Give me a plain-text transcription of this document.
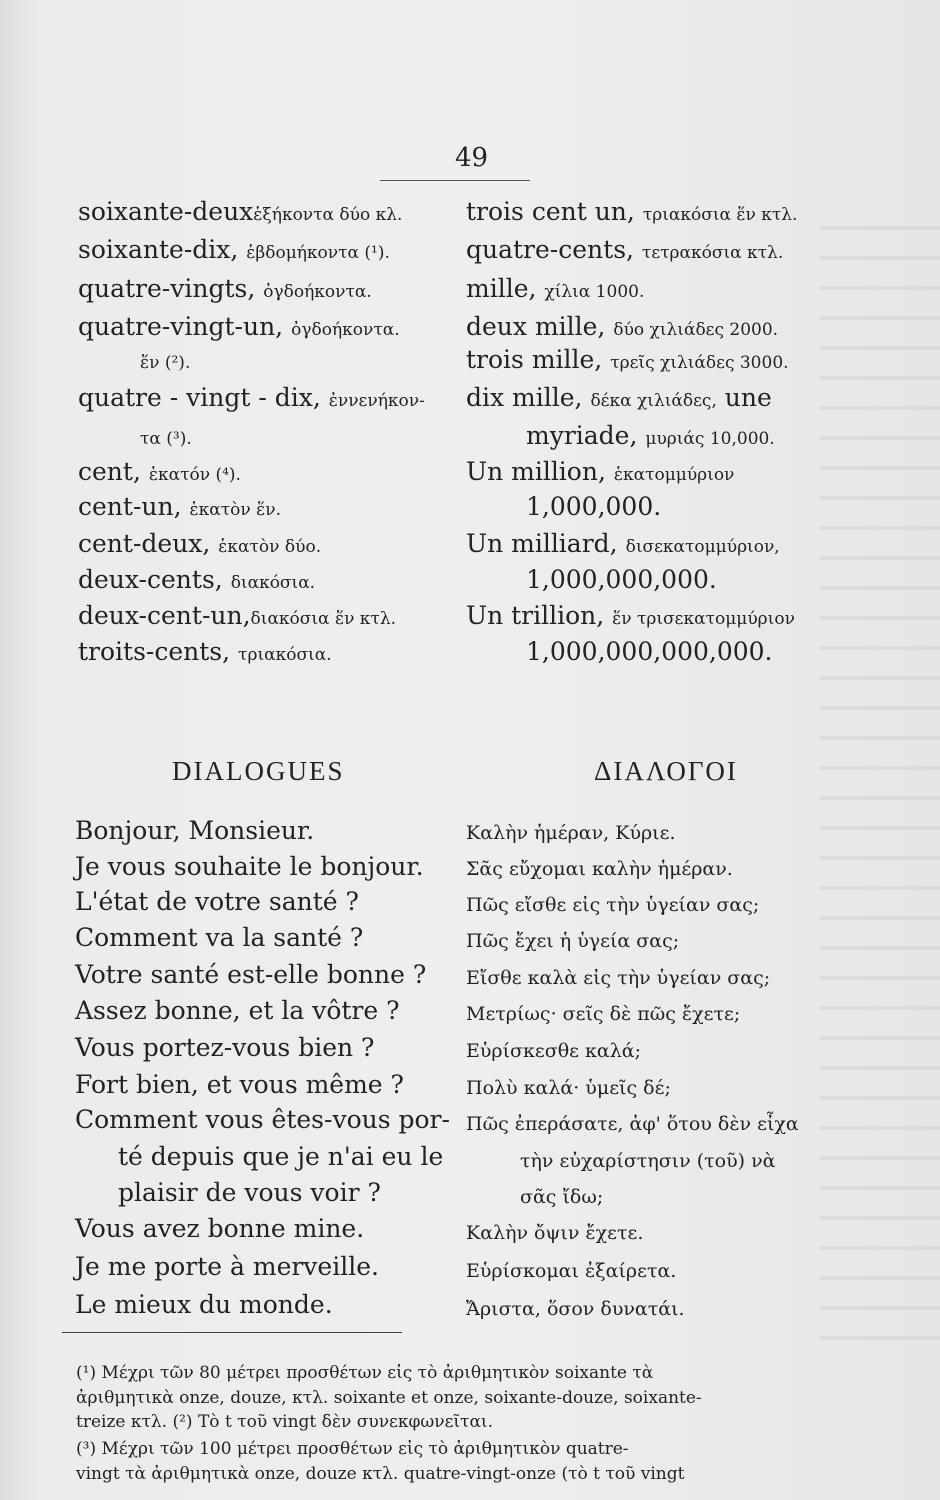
49
soixante-deuxἑξήκοντα δύο κλ.
soixante-dix, ἑβδομήκοντα (¹).
quatre-vingts, ὀγδοήκοντα.
quatre-vingt-un, ὀγδοήκοντα.
ἕν (²).
quatre - vingt - dix, ἐννενήκον-
τα (³).
cent, ἑκατόν (⁴).
cent-un, ἑκατὸν ἕν.
cent-deux, ἑκατὸν δύο.
deux-cents, διακόσια.
deux-cent-un,διακόσια ἕν κτλ.
troits-cents, τριακόσια.
trois cent un, τριακόσια ἕν κτλ.
quatre-cents, τετρακόσια κτλ.
mille, χίλια 1000.
deux mille, δύο χιλιάδες 2000.
trois mille, τρεῖς χιλιάδες 3000.
dix mille, δέκα χιλιάδες, une
myriade, μυριάς 10,000.
Un million, ἑκατομμύριον
1,000,000.
Un milliard, δισεκατομμύριον,
1,000,000,000.
Un trillion, ἕν τρισεκατομμύριον
1,000,000,000,000.
DIALOGUES	ΔΙΑΛΟΓΟΙ
Bonjour, Monsieur.
Je vous souhaite le bonjour.
L'état de votre santé ?
Comment va la santé ?
Votre santé est-elle bonne ?
Assez bonne, et la vôtre ?
Vous portez-vous bien ?
Fort bien, et vous même ?
Comment vous êtes-vous por-
té depuis que je n'ai eu le
plaisir de vous voir ?
Vous avez bonne mine.
Je me porte à merveille.
Le mieux du monde.
Καλὴν ἡμέραν, Κύριε.
Σᾶς εὔχομαι καλὴν ἡμέραν.
Πῶς εἴσθε εἰς τὴν ὑγείαν σας;
Πῶς ἔχει ἡ ὑγεία σας;
Εἴσθε καλὰ εἰς τὴν ὑγείαν σας;
Μετρίως· σεῖς δὲ πῶς ἔχετε;
Εὑρίσκεσθε καλά;
Πολὺ καλά· ὑμεῖς δέ;
Πῶς ἐπεράσατε, ἀφ' ὅτου δὲν εἶχα
τὴν εὐχαρίστησιν (τοῦ) νὰ
σᾶς ἴδω;
Καλὴν ὄψιν ἔχετε.
Εὑρίσκομαι ἐξαίρετα.
Ἄριστα, ὅσον δυνατάι.
(¹) Μέχρι τῶν 80 μέτρει προσθέτων εἰς τὸ ἀριθμητικὸν soixante τὰ
ἀριθμητικὰ onze, douze, κτλ. soixante et onze, soixante-douze, soixante-
treize κτλ. (²) Τὸ t τοῦ vingt δὲν συνεκφωνεῖται.
(³) Μέχρι τῶν 100 μέτρει προσθέτων εἰς τὸ ἀριθμητικὸν quatre-
vingt τὰ ἀριθμητικὰ onze, douze κτλ. quatre-vingt-onze (τὸ t τοῦ vingt
